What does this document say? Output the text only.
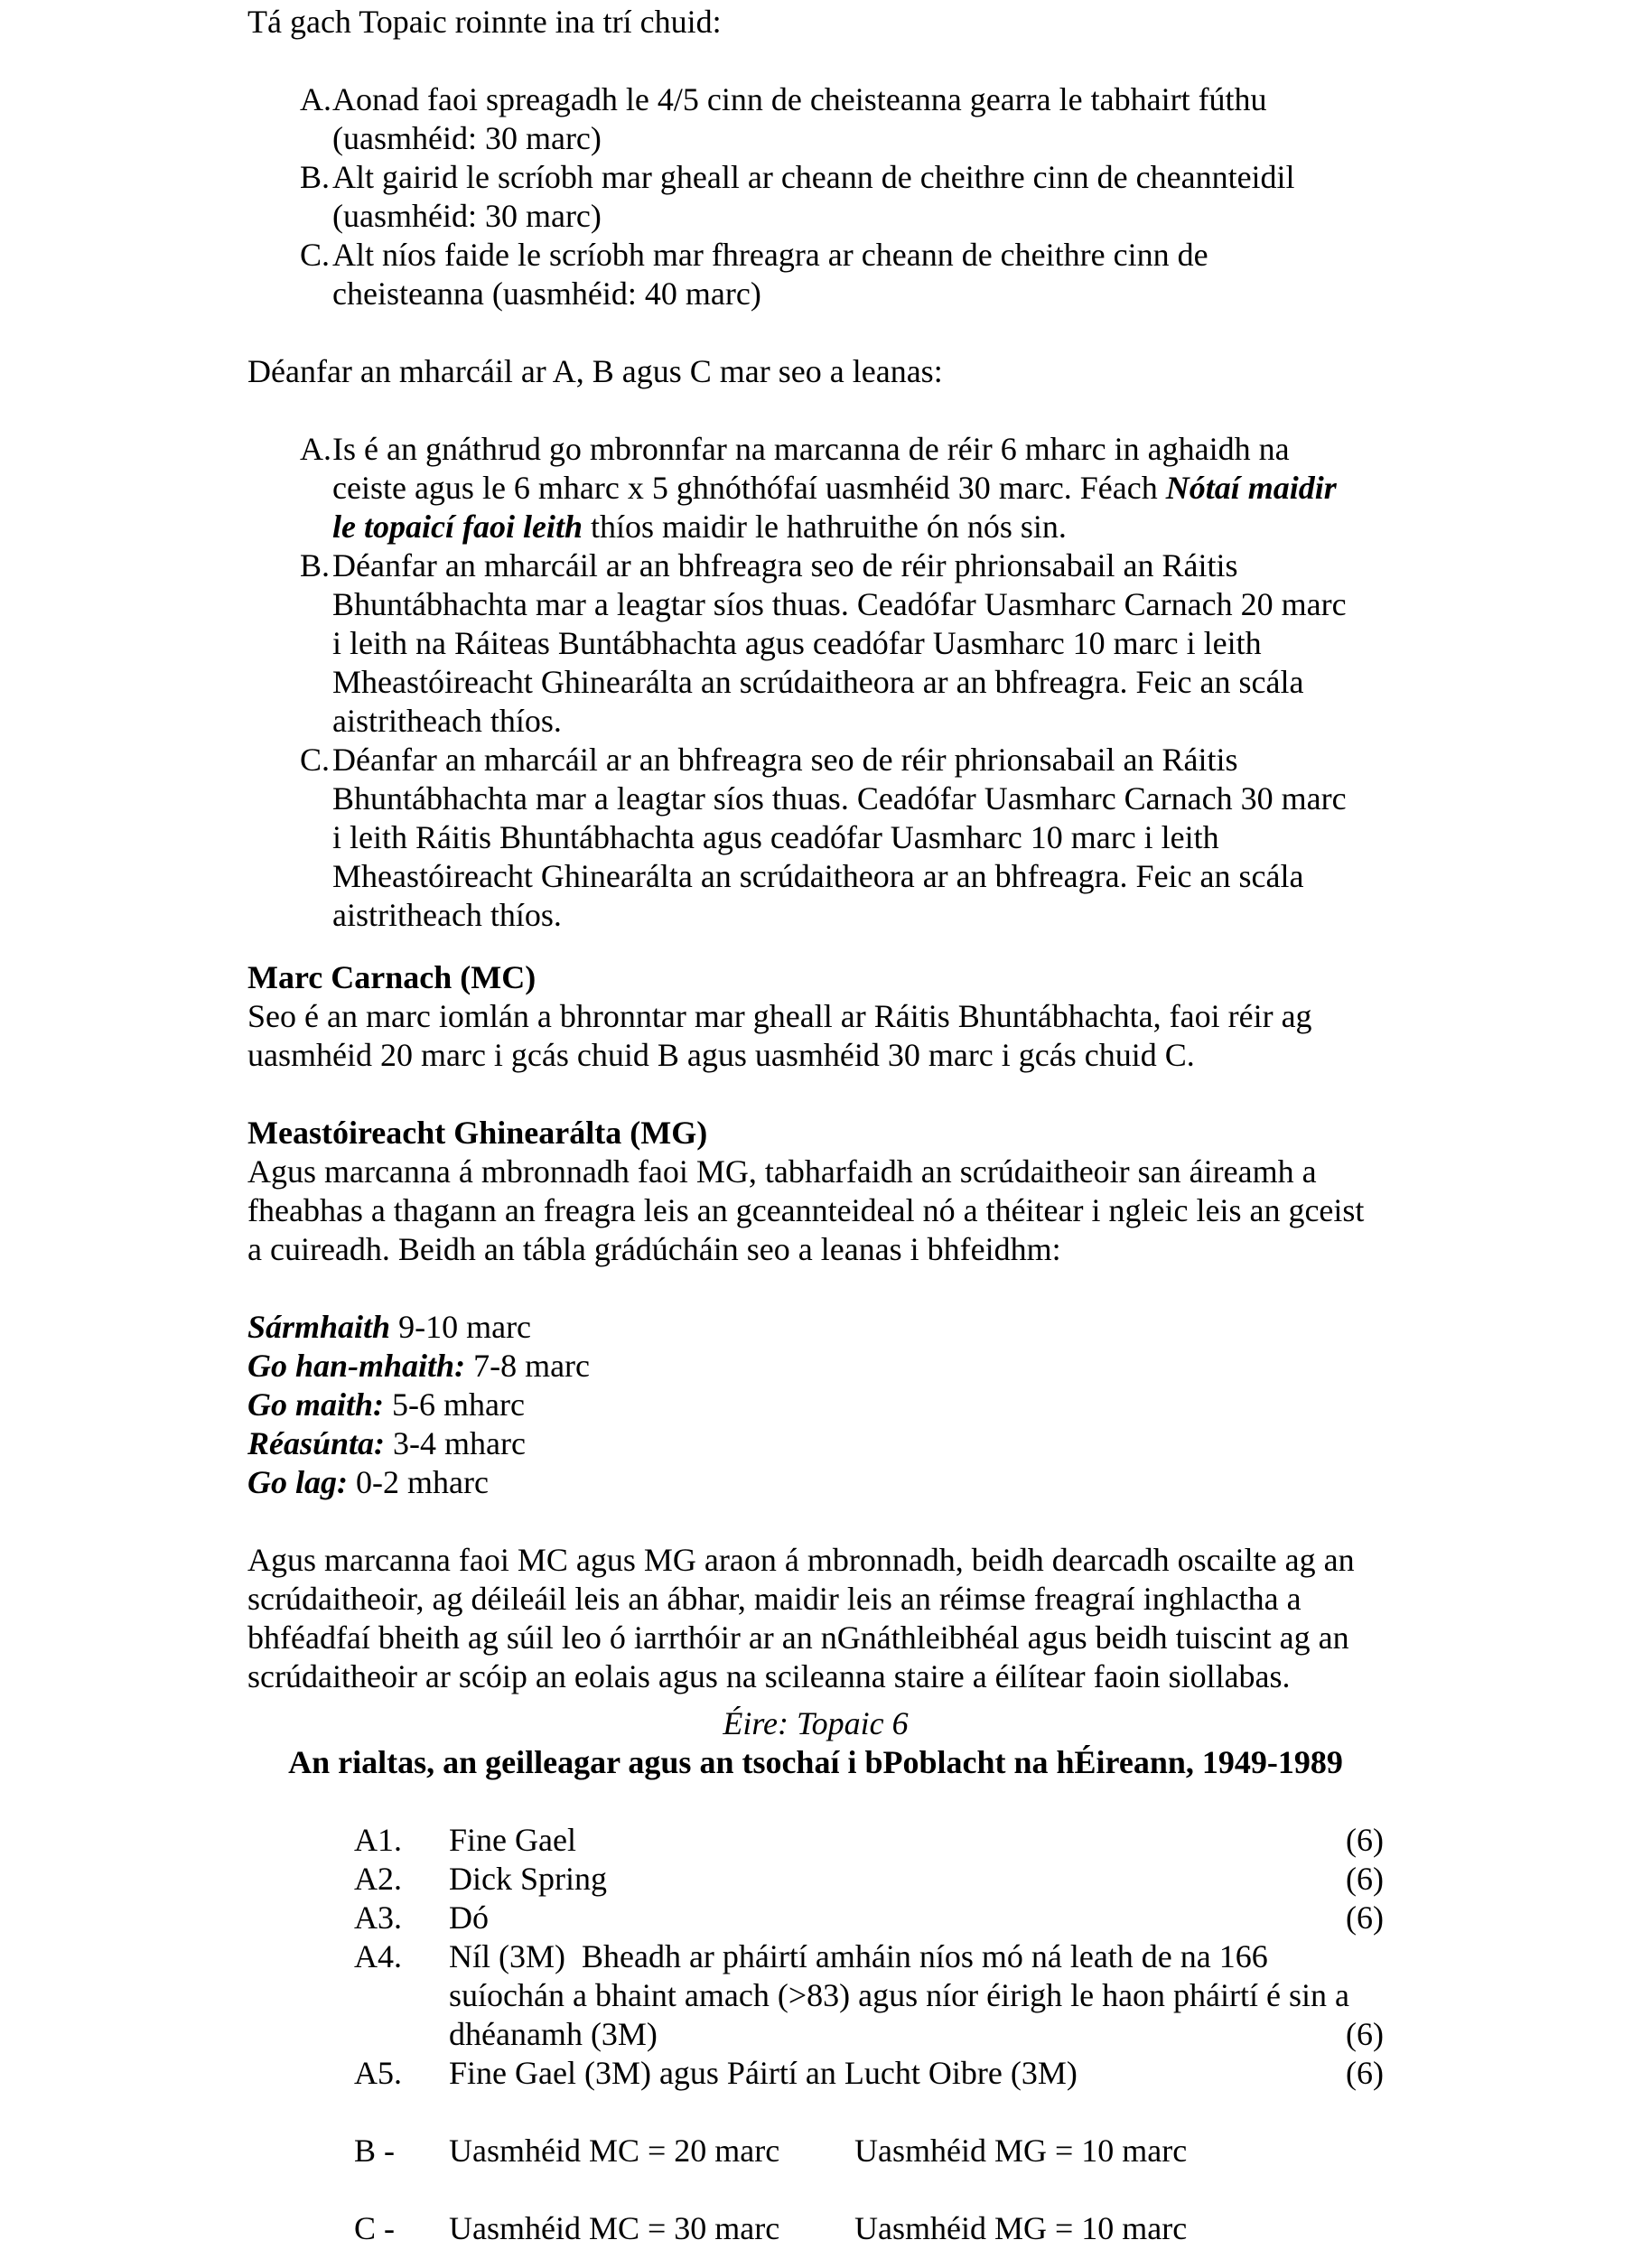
Tá gach Topaic roinnte ina trí chuid:
A. Aonad faoi spreagadh le 4/5 cinn de cheisteanna gearra le tabhairt fúthu
(uasmhéid: 30 marc)
B. Alt gairid le scríobh mar gheall ar cheann de cheithre cinn de cheannteidil
(uasmhéid: 30 marc)
C. Alt níos faide le scríobh mar fhreagra ar cheann de cheithre cinn de
cheisteanna (uasmhéid: 40 marc)
Déanfar an mharcáil ar A, B agus C mar seo a leanas:
A. Is é an gnáthrud go mbronnfar na marcanna de réir 6 mharc in aghaidh na
ceiste agus le 6 mharc x 5 ghnóthófaí uasmhéid 30 marc. Féach Nótaí maidir
le topaicí faoi leith thíos maidir le hathruithe ón nós sin.
B. Déanfar an mharcáil ar an bhfreagra seo de réir phrionsabail an Ráitis
Bhuntábhachta mar a leagtar síos thuas. Ceadófar Uasmharc Carnach 20 marc
i leith na Ráiteas Buntábhachta agus ceadófar Uasmharc 10 marc i leith
Mheastóireacht Ghinearálta an scrúdaitheora ar an bhfreagra. Feic an scála
aistritheach thíos.
C. Déanfar an mharcáil ar an bhfreagra seo de réir phrionsabail an Ráitis
Bhuntábhachta mar a leagtar síos thuas. Ceadófar Uasmharc Carnach 30 marc
i leith Ráitis Bhuntábhachta agus ceadófar Uasmharc 10 marc i leith
Mheastóireacht Ghinearálta an scrúdaitheora ar an bhfreagra. Feic an scála
aistritheach thíos.
Marc Carnach (MC)
Seo é an marc iomlán a bhronntar mar gheall ar Ráitis Bhuntábhachta, faoi réir ag
uasmhéid 20 marc i gcás chuid B agus uasmhéid 30 marc i gcás chuid C.
Meastóireacht Ghinearálta (MG)
Agus marcanna á mbronnadh faoi MG, tabharfaidh an scrúdaitheoir san áireamh a
fheabhas a thagann an freagra leis an gceannteideal nó a théitear i ngleic leis an gceist
a cuireadh. Beidh an tábla grádúcháin seo a leanas i bhfeidhm:
Sármhaith 9-10 marc
Go han-mhaith: 7-8 marc
Go maith: 5-6 mharc
Réasúnta: 3-4 mharc
Go lag: 0-2 mharc
Agus marcanna faoi MC agus MG araon á mbronnadh, beidh dearcadh oscailte ag an
scrúdaitheoir, ag déileáil leis an ábhar, maidir leis an réimse freagraí inghlactha a
bhféadfaí bheith ag súil leo ó iarrthóir ar an nGnáthleibhéal agus beidh tuiscint ag an
scrúdaitheoir ar scóip an eolais agus na scileanna staire a éilítear faoin siollabas.
Éire: Topaic 6
An rialtas, an geilleagar agus an tsochaí i bPoblacht na hÉireann, 1949-1989
A1. Fine Gael	(6)
A2. Dick Spring	(6)
A3. Dó	(6)
A4. Níl (3M)  Bheadh ar pháirtí amháin níos mó ná leath de na 166
suíochán a bhaint amach (>83) agus níor éirigh le haon pháirtí é sin a
dhéanamh (3M)	(6)
A5. Fine Gael (3M) agus Páirtí an Lucht Oibre (3M)	(6)
B - Uasmhéid MC = 20 marc Uasmhéid MG = 10 marc
C - Uasmhéid MC = 30 marc Uasmhéid MG = 10 marc
